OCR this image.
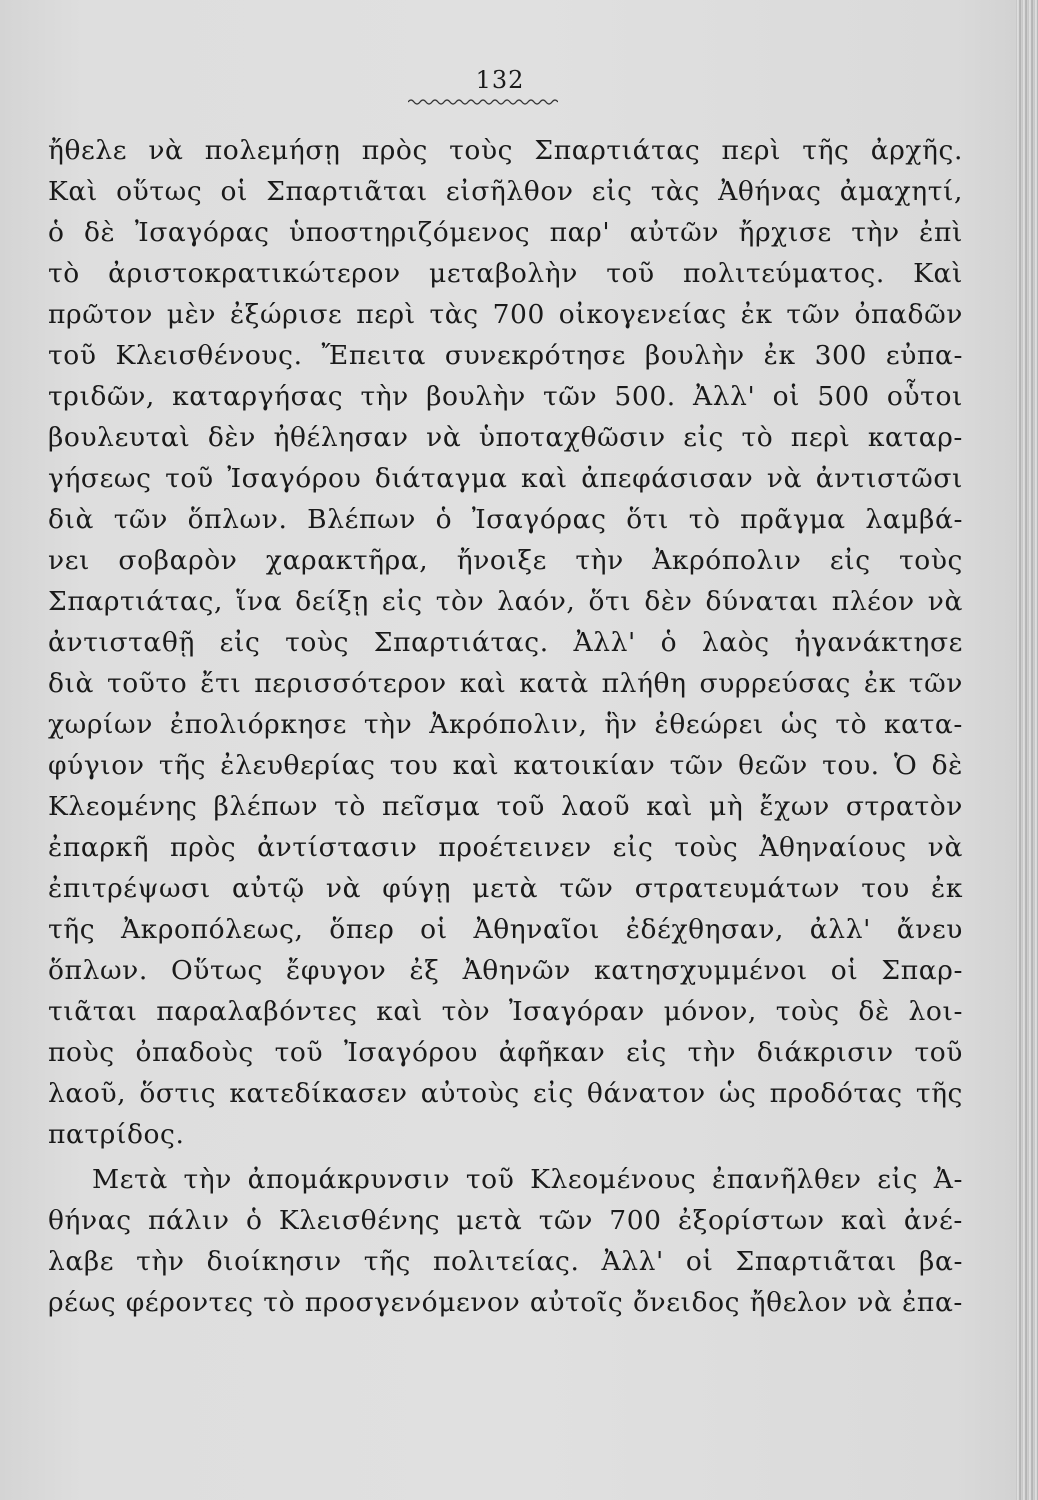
132
ἤθελε νὰ πολεμήσῃ πρὸς τοὺς Σπαρτιάτας περὶ τῆς ἀρχῆς.
Καὶ οὕτως οἱ Σπαρτιᾶται εἰσῆλθον εἰς τὰς Ἀθήνας ἀμαχητί,
ὁ δὲ Ἰσαγόρας ὑποστηριζόμενος παρ' αὐτῶν ἤρχισε τὴν ἐπὶ
τὸ ἀριστοκρατικώτερον μεταβολὴν τοῦ πολιτεύματος. Καὶ
πρῶτον μὲν ἐξώρισε περὶ τὰς 700 οἰκογενείας ἐκ τῶν ὀπαδῶν
τοῦ Κλεισθένους. Ἔπειτα συνεκρότησε βουλὴν ἐκ 300 εὐπα-
τριδῶν, καταργήσας τὴν βουλὴν τῶν 500. Ἀλλ' οἱ 500 οὗτοι
βουλευταὶ δὲν ἠθέλησαν νὰ ὑποταχθῶσιν εἰς τὸ περὶ καταρ-
γήσεως τοῦ Ἰσαγόρου διάταγμα καὶ ἀπεφάσισαν νὰ ἀντιστῶσι
διὰ τῶν ὅπλων. Βλέπων ὁ Ἰσαγόρας ὅτι τὸ πρᾶγμα λαμβά-
νει σοβαρὸν χαρακτῆρα, ἤνοιξε τὴν Ἀκρόπολιν εἰς τοὺς
Σπαρτιάτας, ἵνα δείξῃ εἰς τὸν λαόν, ὅτι δὲν δύναται πλέον νὰ
ἀντισταθῇ εἰς τοὺς Σπαρτιάτας. Ἀλλ' ὁ λαὸς ἠγανάκτησε
διὰ τοῦτο ἔτι περισσότερον καὶ κατὰ πλήθη συρρεύσας ἐκ τῶν
χωρίων ἐπολιόρκησε τὴν Ἀκρόπολιν, ἣν ἐθεώρει ὡς τὸ κατα-
φύγιον τῆς ἐλευθερίας του καὶ κατοικίαν τῶν θεῶν του. Ὁ δὲ
Κλεομένης βλέπων τὸ πεῖσμα τοῦ λαοῦ καὶ μὴ ἔχων στρατὸν
ἐπαρκῆ πρὸς ἀντίστασιν προέτεινεν εἰς τοὺς Ἀθηναίους νὰ
ἐπιτρέψωσι αὐτῷ νὰ φύγῃ μετὰ τῶν στρατευμάτων του ἐκ
τῆς Ἀκροπόλεως, ὅπερ οἱ Ἀθηναῖοι ἐδέχθησαν, ἀλλ' ἄνευ
ὅπλων. Οὕτως ἔφυγον ἐξ Ἀθηνῶν κατησχυμμένοι οἱ Σπαρ-
τιᾶται παραλαβόντες καὶ τὸν Ἰσαγόραν μόνον, τοὺς δὲ λοι-
ποὺς ὀπαδοὺς τοῦ Ἰσαγόρου ἀφῆκαν εἰς τὴν διάκρισιν τοῦ
λαοῦ, ὅστις κατεδίκασεν αὐτοὺς εἰς θάνατον ὡς προδότας τῆς
πατρίδος.
Μετὰ τὴν ἀπομάκρυνσιν τοῦ Κλεομένους ἐπανῆλθεν εἰς Ἀ-
θήνας πάλιν ὁ Κλεισθένης μετὰ τῶν 700 ἐξορίστων καὶ ἀνέ-
λαβε τὴν διοίκησιν τῆς πολιτείας. Ἀλλ' οἱ Σπαρτιᾶται βα-
ρέως φέροντες τὸ προσγενόμενον αὐτοῖς ὄνειδος ἤθελον νὰ ἐπα-
